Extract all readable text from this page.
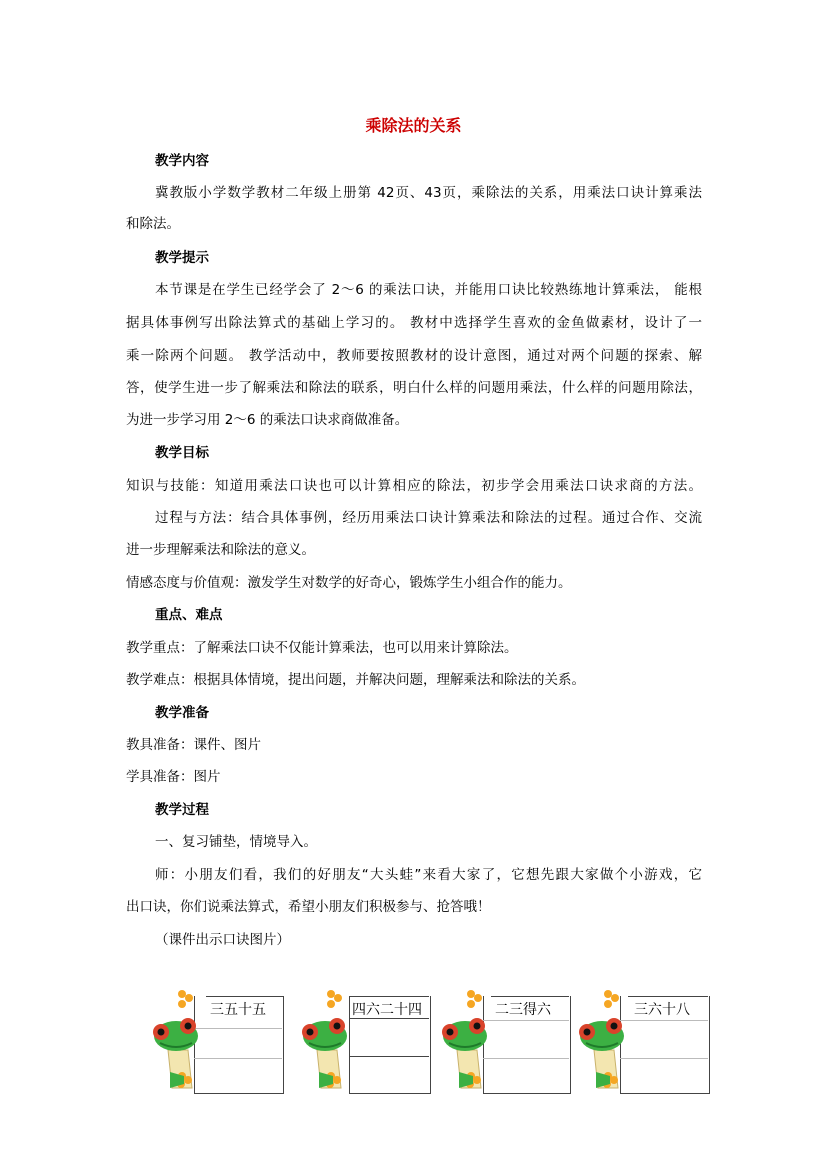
乘除法的关系
教学内容
冀教版小学数学教材二年级上册第 42页、43页，乘除法的关系，用乘法口诀计算乘法
和除法。
教学提示
本节课是在学生已经学会了 2～6 的乘法口诀，并能用口诀比较熟练地计算乘法， 能根
据具体事例写出除法算式的基础上学习的。 教材中选择学生喜欢的金鱼做素材，设计了一
乘一除两个问题。 教学活动中，教师要按照教材的设计意图，通过对两个问题的探索、解
答，使学生进一步了解乘法和除法的联系，明白什么样的问题用乘法，什么样的问题用除法，
为进一步学习用 2～6 的乘法口诀求商做准备。
教学目标
知识与技能：知道用乘法口诀也可以计算相应的除法，初步学会用乘法口诀求商的方法。
过程与方法：结合具体事例，经历用乘法口诀计算乘法和除法的过程。通过合作、交流
进一步理解乘法和除法的意义。
情感态度与价值观：激发学生对数学的好奇心，锻炼学生小组合作的能力。
重点、难点
教学重点：了解乘法口诀不仅能计算乘法，也可以用来计算除法。
教学难点：根据具体情境，提出问题，并解决问题，理解乘法和除法的关系。
教学准备
教具准备：课件、图片
学具准备：图片
教学过程
一、复习铺垫，情境导入。
师：小朋友们看，我们的好朋友“大头蛙”来看大家了，它想先跟大家做个小游戏，它
出口诀，你们说乘法算式，希望小朋友们积极参与、抢答哦！
（课件出示口诀图片）
三五十五	四六二十四	二三得六	三六十八
